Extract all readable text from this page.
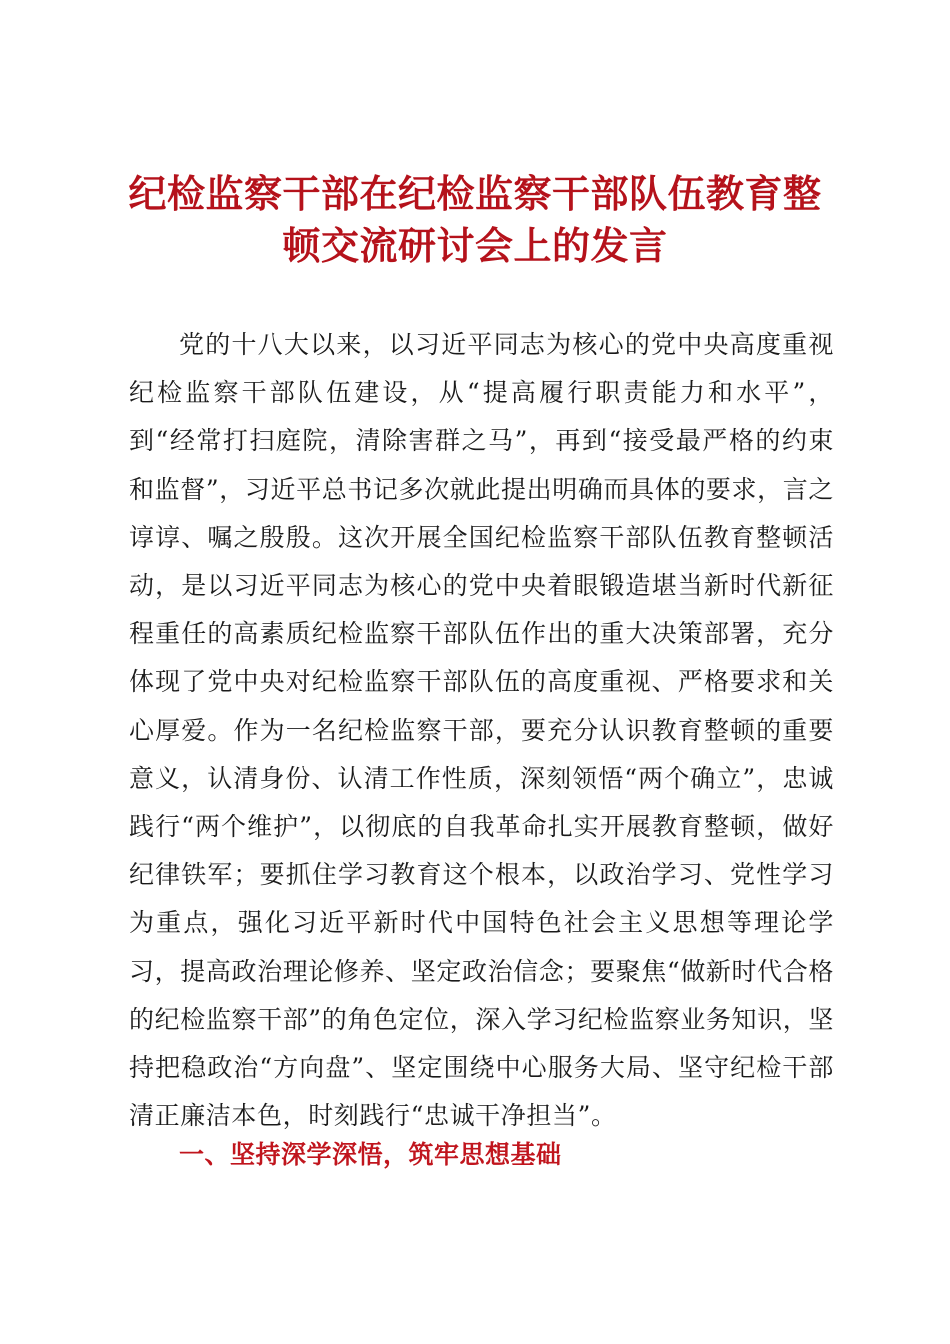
纪检监察干部在纪检监察干部队伍教育整顿交流研讨会上的发言

党的十八大以来，以习近平同志为核心的党中央高度重视纪检监察干部队伍建设，从“提高履行职责能力和水平”，到“经常打扫庭院，清除害群之马”，再到“接受最严格的约束和监督”，习近平总书记多次就此提出明确而具体的要求，言之谆谆、嘱之殷殷。这次开展全国纪检监察干部队伍教育整顿活动，是以习近平同志为核心的党中央着眼锻造堪当新时代新征程重任的高素质纪检监察干部队伍作出的重大决策部署，充分体现了党中央对纪检监察干部队伍的高度重视、严格要求和关心厚爱。作为一名纪检监察干部，要充分认识教育整顿的重要意义，认清身份、认清工作性质，深刻领悟“两个确立”，忠诚践行“两个维护”，以彻底的自我革命扎实开展教育整顿，做好纪律铁军；要抓住学习教育这个根本，以政治学习、党性学习为重点，强化习近平新时代中国特色社会主义思想等理论学习，提高政治理论修养、坚定政治信念；要聚焦“做新时代合格的纪检监察干部”的角色定位，深入学习纪检监察业务知识，坚持把稳政治“方向盘”、坚定围绕中心服务大局、坚守纪检干部清正廉洁本色，时刻践行“忠诚干净担当”。

一、坚持深学深悟，筑牢思想基础
